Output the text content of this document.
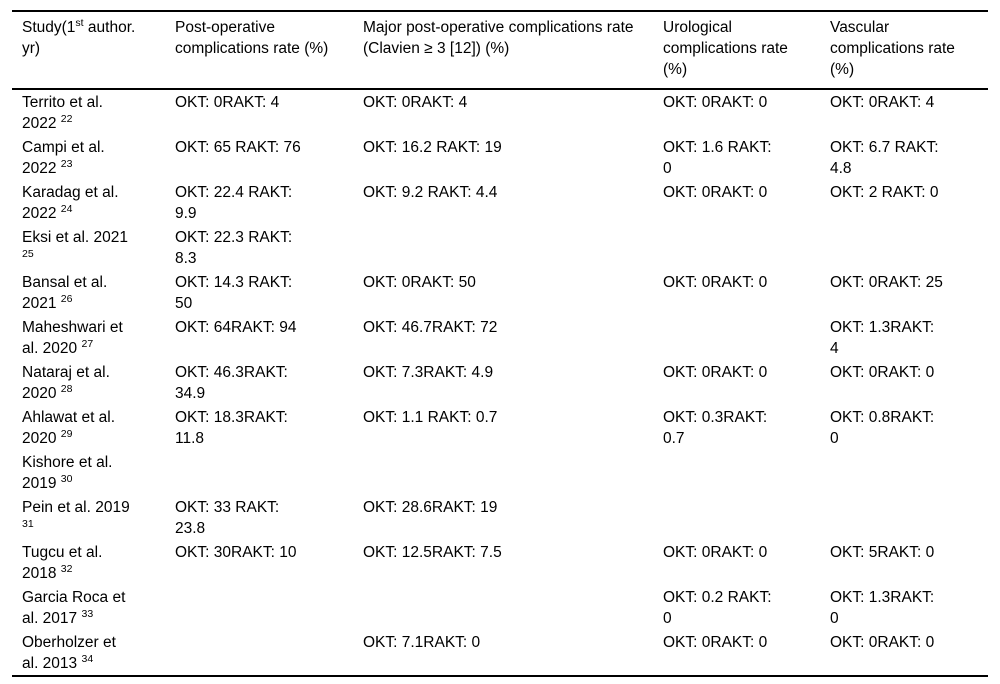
Study(1st author. yr)	Post-operative complications rate (%)	Major post-operative complications rate (Clavien ≥ 3 [12]) (%)	Urological complications rate (%)	Vascular complications rate (%)
Territo et al. 2022 $^{22}$	OKT: 0RAKT: 4	OKT: 0RAKT: 4	OKT: 0RAKT: 0	OKT: 0RAKT: 4
Campi et al. 2022 $^{23}$	OKT: 65 RAKT: 76	OKT: 16.2 RAKT: 19	OKT: 1.6 RAKT: 0	OKT: 6.7 RAKT: 4.8
Karadag et al. 2022 $^{24}$	OKT: 22.4 RAKT: 9.9	OKT: 9.2 RAKT: 4.4	OKT: 0RAKT: 0	OKT: 2 RAKT: 0
Eksi et al. 2021 $^{25}$	OKT: 22.3 RAKT: 8.3			
Bansal et al. 2021 $^{26}$	OKT: 14.3 RAKT: 50	OKT: 0RAKT: 50	OKT: 0RAKT: 0	OKT: 0RAKT: 25
Maheshwari et al. 2020 $^{27}$	OKT: 64RAKT: 94	OKT: 46.7RAKT: 72		OKT: 1.3RAKT: 4
Nataraj et al. 2020 $^{28}$	OKT: 46.3RAKT: 34.9	OKT: 7.3RAKT: 4.9	OKT: 0RAKT: 0	OKT: 0RAKT: 0
Ahlawat et al. 2020 $^{29}$	OKT: 18.3RAKT: 11.8	OKT: 1.1 RAKT: 0.7	OKT: 0.3RAKT: 0.7	OKT: 0.8RAKT: 0
Kishore et al. 2019 $^{30}$				
Pein et al. 2019 $^{31}$	OKT: 33 RAKT: 23.8	OKT: 28.6RAKT: 19		
Tugcu et al. 2018 $^{32}$	OKT: 30RAKT: 10	OKT: 12.5RAKT: 7.5	OKT: 0RAKT: 0	OKT: 5RAKT: 0
Garcia Roca et al. 2017 $^{33}$			OKT: 0.2 RAKT: 0	OKT: 1.3RAKT: 0
Oberholzer et al. 2013 $^{34}$		OKT: 7.1RAKT: 0	OKT: 0RAKT: 0	OKT: 0RAKT: 0
